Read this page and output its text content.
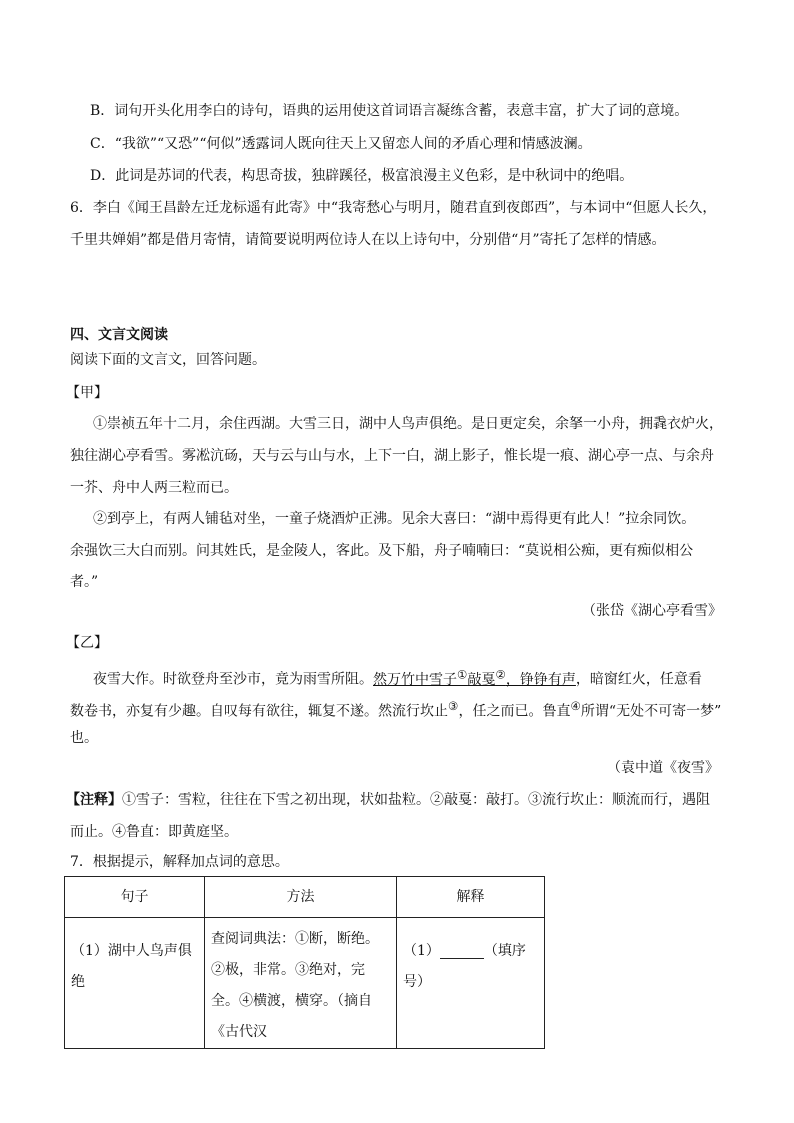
B．词句开头化用李白的诗句，语典的运用使这首词语言凝练含蓄，表意丰富，扩大了词的意境。
C．“我欲”“又恐”“何似”透露词人既向往天上又留恋人间的矛盾心理和情感波澜。
D．此词是苏词的代表，构思奇拔，独辟蹊径，极富浪漫主义色彩，是中秋词中的绝唱。
6．李白《闻王昌龄左迁龙标遥有此寄》中“我寄愁心与明月，随君直到夜郎西”，与本词中“但愿人长久，
千里共婵娟”都是借月寄情，请简要说明两位诗人在以上诗句中，分别借“月”寄托了怎样的情感。
四、文言文阅读
阅读下面的文言文，回答问题。
【甲】
①崇祯五年十二月，余住西湖。大雪三日，湖中人鸟声俱绝。是日更定矣，余拏一小舟，拥毳衣炉火，
独往湖心亭看雪。雾凇沆砀，天与云与山与水，上下一白，湖上影子，惟长堤一痕、湖心亭一点、与余舟
一芥、舟中人两三粒而已。
②到亭上，有两人铺毡对坐，一童子烧酒炉正沸。见余大喜曰：“湖中焉得更有此人！”拉余同饮。
余强饮三大白而别。问其姓氏，是金陵人，客此。及下船，舟子喃喃曰：“莫说相公痴，更有痴似相公
者。”
（张岱《湖心亭看雪》
【乙】
夜雪大作。时欲登舟至沙市，竟为雨雪所阻。然万竹中雪子①敲戛②，铮铮有声，暗窗红火，任意看
数卷书，亦复有少趣。自叹每有欲往，辄复不遂。然流行坎止③，任之而已。鲁直④所谓“无处不可寄一梦”
也。
（袁中道《夜雪》
【注释】①雪子：雪粒，往往在下雪之初出现，状如盐粒。②敲戛：敲打。③流行坎止：顺流而行，遇阻
而止。④鲁直：即黄庭坚。
7．根据提示，解释加点词的意思。
句子	方法	解释
（1）湖中人鸟声俱绝	查阅词典法：①断，断绝。②极，非常。③绝对，完全。④横渡，横穿。（摘自《古代汉	（1） （填序号）
